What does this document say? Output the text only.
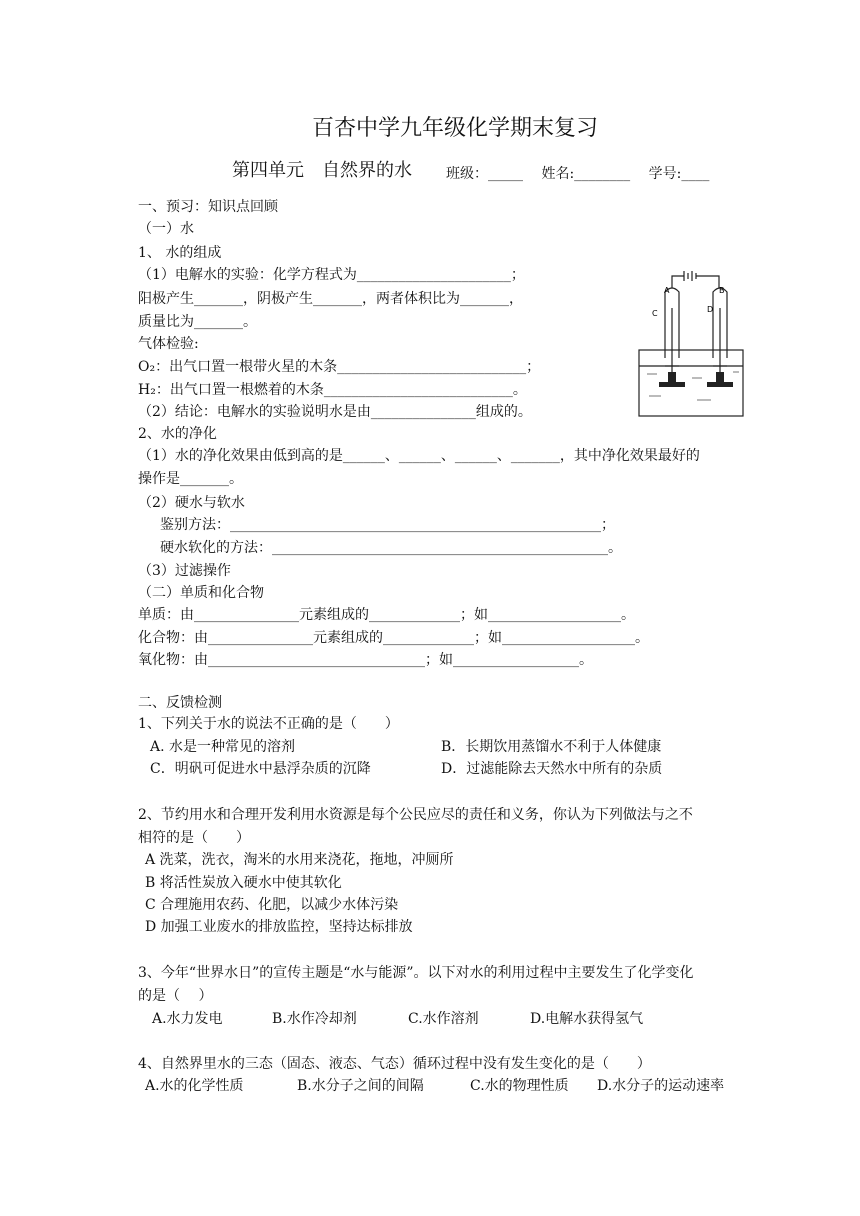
百杏中学九年级化学期末复习
第四单元　自然界的水 班级：_____　 姓名:________　 学号:____
一、预习：知识点回顾
（一）水
1、 水的组成
（1）电解水的实验：化学方程式为______________________；
阳极产生_______，阴极产生_______，两者体积比为_______，
质量比为_______。
气体检验:
O₂：出气口置一根带火星的木条___________________________；
H₂：出气口置一根燃着的木条___________________________。
（2）结论：电解水的实验说明水是由_______________组成的。
2、水的净化
（1）水的净化效果由低到高的是______、______、______、_______，其中净化效果最好的
操作是_______。
（2）硬水与软水
鉴别方法：_____________________________________________________；
硬水软化的方法：________________________________________________。
（3）过滤操作
（二）单质和化合物
单质：由_______________元素组成的_____________；如___________________。
化合物：由_______________元素组成的_____________；如___________________。
氧化物：由_______________________________；如__________________。
A	B
C	D
二、反馈检测
1、下列关于水的说法不正确的是（　　）
A. 水是一种常见的溶剂	B．长期饮用蒸馏水不利于人体健康
C．明矾可促进水中悬浮杂质的沉降	D．过滤能除去天然水中所有的杂质
2、节约用水和合理开发利用水资源是每个公民应尽的责任和义务，你认为下列做法与之不
相符的是（　　）
A 洗菜，洗衣，淘米的水用来浇花，拖地，冲厕所
B 将活性炭放入硬水中使其软化
C 合理施用农药、化肥，以减少水体污染
D 加强工业废水的排放监控，坚持达标排放
3、今年“世界水日”的宣传主题是“水与能源”。以下对水的利用过程中主要发生了化学变化
的是（　 ）
A.水力发电	B.水作冷却剂	C.水作溶剂	D.电解水获得氢气
4、自然界里水的三态（固态、液态、气态）循环过程中没有发生变化的是（　　）
A.水的化学性质	B.水分子之间的间隔	C.水的物理性质 D.水分子的运动速率
